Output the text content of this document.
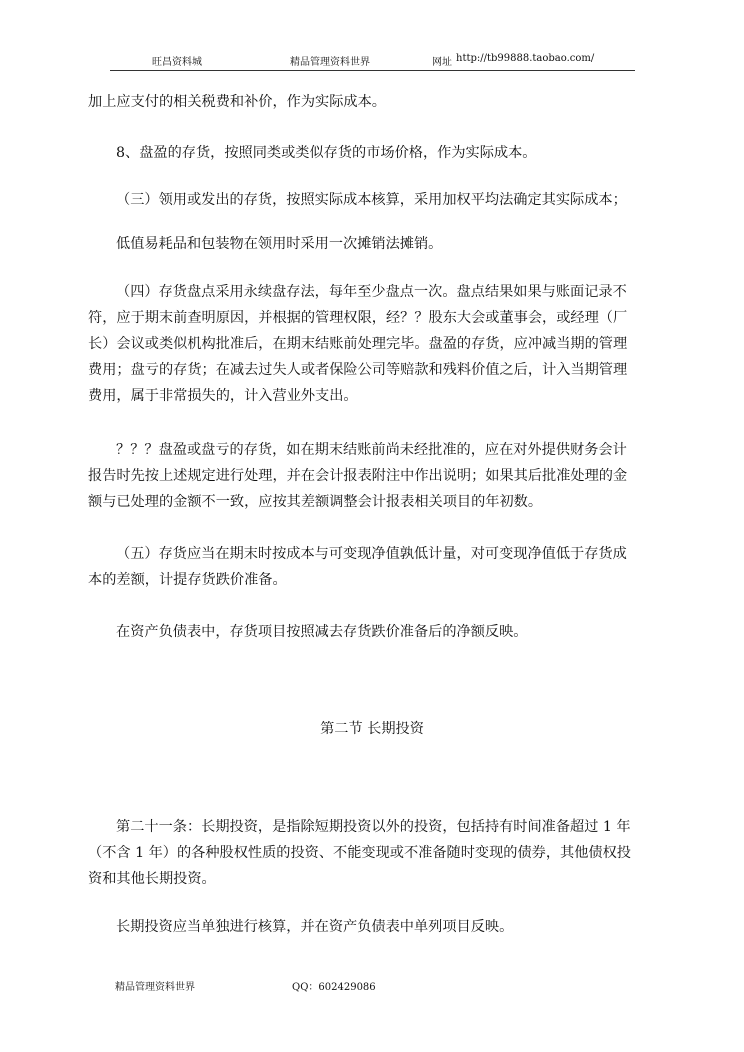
旺昌资料城	精品管理资料世界	网址 http://tb99888.taobao.com/

加上应支付的相关税费和补价，作为实际成本。

8、盘盈的存货，按照同类或类似存货的市场价格，作为实际成本。

（三）领用或发出的存货，按照实际成本核算，采用加权平均法确定其实际成本；

低值易耗品和包装物在领用时采用一次摊销法摊销。

（四）存货盘点采用永续盘存法，每年至少盘点一次。盘点结果如果与账面记录不

符，应于期末前查明原因，并根据的管理权限，经？？股东大会或董事会，或经理（厂

长）会议或类似机构批准后，在期末结账前处理完毕。盘盈的存货，应冲减当期的管理

费用；盘亏的存货；在减去过失人或者保险公司等赔款和残料价值之后，计入当期管理

费用，属于非常损失的，计入营业外支出。

？？？盘盈或盘亏的存货，如在期末结账前尚未经批准的，应在对外提供财务会计

报告时先按上述规定进行处理，并在会计报表附注中作出说明；如果其后批准处理的金

额与已处理的金额不一致，应按其差额调整会计报表相关项目的年初数。

（五）存货应当在期末时按成本与可变现净值孰低计量，对可变现净值低于存货成

本的差额，计提存货跌价准备。

在资产负债表中，存货项目按照减去存货跌价准备后的净额反映。

第二节 长期投资

第二十一条：长期投资，是指除短期投资以外的投资，包括持有时间准备超过 1 年

（不含 1 年）的各种股权性质的投资、不能变现或不准备随时变现的债券，其他债权投

资和其他长期投资。

长期投资应当单独进行核算，并在资产负债表中单列项目反映。

精品管理资料世界	QQ：602429086
